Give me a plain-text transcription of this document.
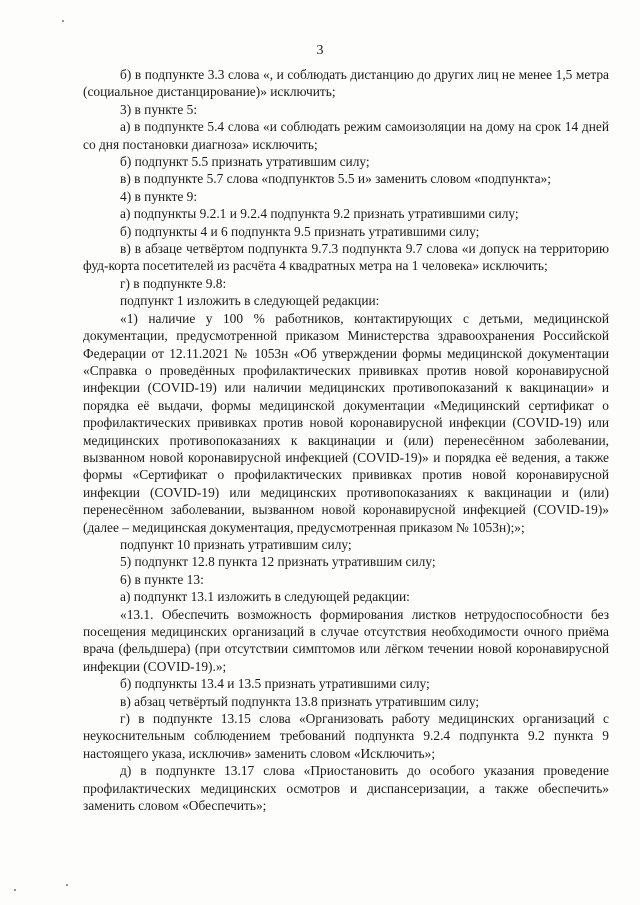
3

б) в подпункте 3.3 слова «, и соблюдать дистанцию до других лиц не менее 1,5 метра (социальное дистанцирование)» исключить;

3) в пункте 5:

а) в подпункте 5.4 слова «и соблюдать режим самоизоляции на дому на срок 14 дней со дня постановки диагноза» исключить;

б) подпункт 5.5 признать утратившим силу;

в) в подпункте 5.7 слова «подпунктов 5.5 и» заменить словом «подпункта»;

4) в пункте 9:

а) подпункты 9.2.1 и 9.2.4 подпункта 9.2 признать утратившими силу;

б) подпункты 4 и 6 подпункта 9.5 признать утратившими силу;

в) в абзаце четвёртом подпункта 9.7.3 подпункта 9.7 слова «и допуск на территорию фуд-корта посетителей из расчёта 4 квадратных метра на 1 человека» исключить;

г) в подпункте 9.8:

подпункт 1 изложить в следующей редакции:

«1) наличие у 100 % работников, контактирующих с детьми, медицинской документации, предусмотренной приказом Министерства здравоохранения Российской Федерации от 12.11.2021 № 1053н «Об утверждении формы медицинской документации «Справка о проведённых профилактических прививках против новой коронавирусной инфекции (COVID-19) или наличии медицинских противопоказаний к вакцинации» и порядка её выдачи, формы медицинской документации «Медицинский сертификат о профилактических прививках против новой коронавирусной инфекции (COVID-19) или медицинских противопоказаниях к вакцинации и (или) перенесённом заболевании, вызванном новой коронавирусной инфекцией (COVID-19)» и порядка её ведения, а также формы «Сертификат о профилактических прививках против новой коронавирусной инфекции (COVID-19) или медицинских противопоказаниях к вакцинации и (или) перенесённом заболевании, вызванном новой коронавирусной инфекцией (COVID-19)» (далее – медицинская документация, предусмотренная приказом № 1053н);»;

подпункт 10 признать утратившим силу;

5) подпункт 12.8 пункта 12 признать утратившим силу;

6) в пункте 13:

а) подпункт 13.1 изложить в следующей редакции:

«13.1. Обеспечить возможность формирования листков нетрудоспособности без посещения медицинских организаций в случае отсутствия необходимости очного приёма врача (фельдшера) (при отсутствии симптомов или лёгком течении новой коронавирусной инфекции (COVID-19).»;

б) подпункты 13.4 и 13.5 признать утратившими силу;

в) абзац четвёртый подпункта 13.8 признать утратившим силу;

г) в подпункте 13.15 слова «Организовать работу медицинских организаций с неукоснительным соблюдением требований подпункта 9.2.4 подпункта 9.2 пункта 9 настоящего указа, исключив» заменить словом «Исключить»;

д) в подпункте 13.17 слова «Приостановить до особого указания проведение профилактических медицинских осмотров и диспансеризации, а также обеспечить» заменить словом «Обеспечить»;
